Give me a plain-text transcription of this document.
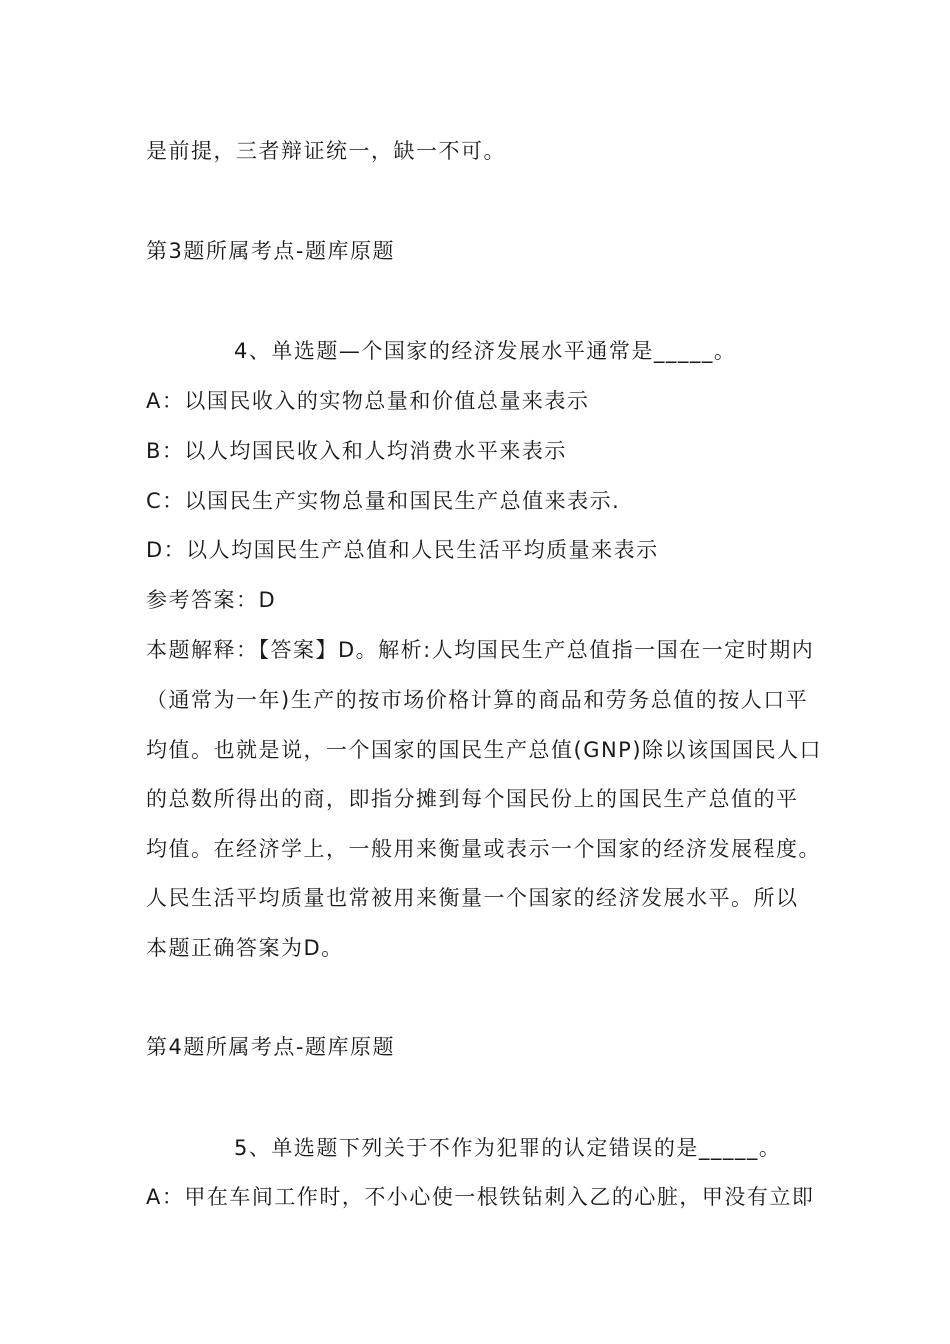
是前提，三者辩证统一，缺一不可。
第3题所属考点-题库原题
4、单选题—个国家的经济发展水平通常是_____。
A：以国民收入的实物总量和价值总量来表示
B：以人均国民收入和人均消费水平来表示
C：以国民生产实物总量和国民生产总值来表示.
D：以人均国民生产总值和人民生活平均质量来表示
参考答案：D
本题解释：【答案】D。解析:人均国民生产总值指一国在一定时期内
（通常为一年)生产的按市场价格计算的商品和劳务总值的按人口平
均值。也就是说，一个国家的国民生产总值(GNP)除以该国国民人口
的总数所得出的商，即指分摊到每个国民份上的国民生产总值的平
均值。在经济学上，一般用来衡量或表示一个国家的经济发展程度。
人民生活平均质量也常被用来衡量一个国家的经济发展水平。所以
本题正确答案为D。
第4题所属考点-题库原题
5、单选题下列关于不作为犯罪的认定错误的是_____。
A：甲在车间工作时，不小心使一根铁钻刺入乙的心脏，甲没有立即
